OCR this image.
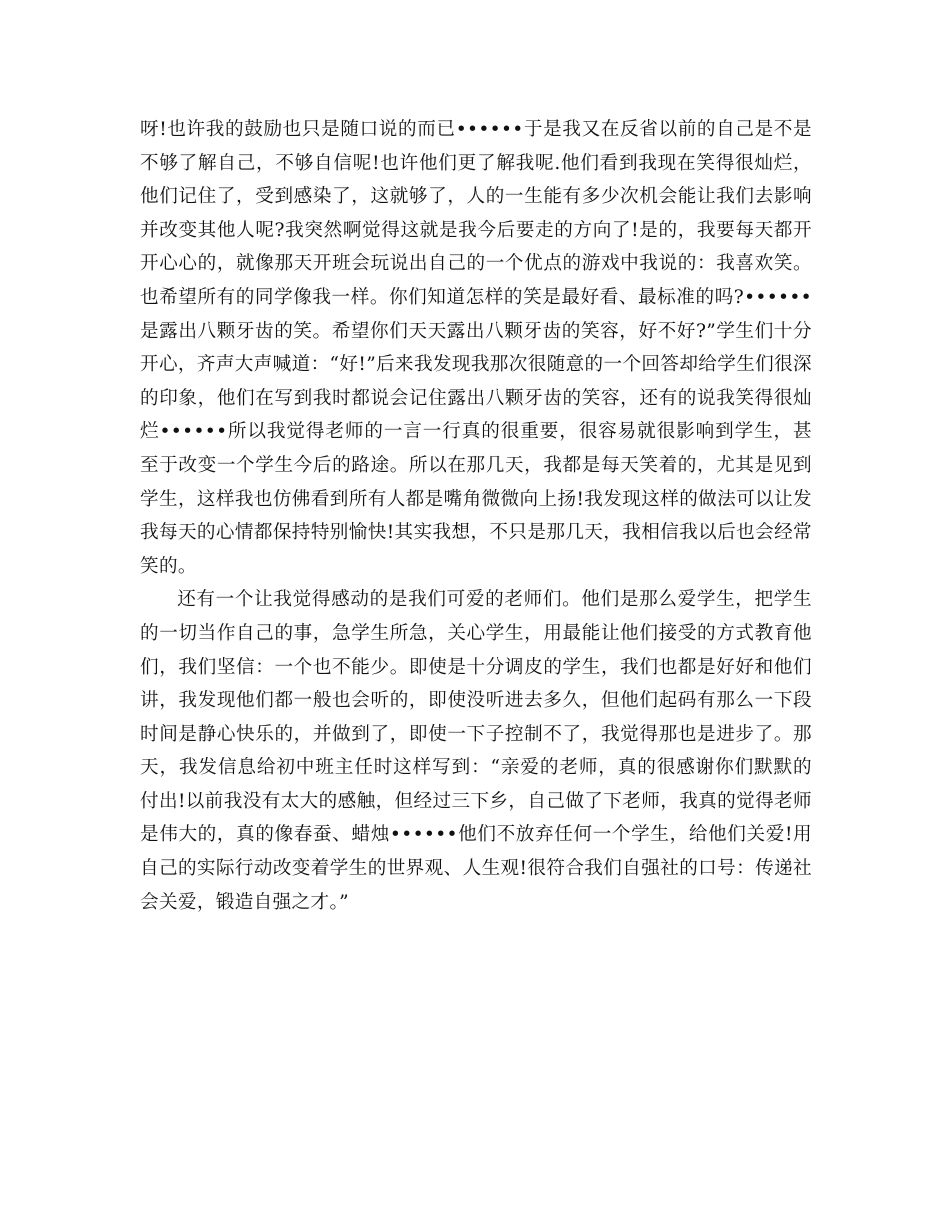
呀!也许我的鼓励也只是随口说的而已••••••于是我又在反省以前的自己是不是不够了解自己，不够自信呢!也许他们更了解我呢.他们看到我现在笑得很灿烂，他们记住了，受到感染了，这就够了，人的一生能有多少次机会能让我们去影响并改变其他人呢?我突然啊觉得这就是我今后要走的方向了!是的，我要每天都开开心心的，就像那天开班会玩说出自己的一个优点的游戏中我说的：我喜欢笑。也希望所有的同学像我一样。你们知道怎样的笑是最好看、最标准的吗?••••••是露出八颗牙齿的笑。希望你们天天露出八颗牙齿的笑容，好不好?”学生们十分开心，齐声大声喊道：“好!”后来我发现我那次很随意的一个回答却给学生们很深的印象，他们在写到我时都说会记住露出八颗牙齿的笑容，还有的说我笑得很灿烂••••••所以我觉得老师的一言一行真的很重要，很容易就很影响到学生，甚至于改变一个学生今后的路途。所以在那几天，我都是每天笑着的，尤其是见到学生，这样我也仿佛看到所有人都是嘴角微微向上扬!我发现这样的做法可以让发我每天的心情都保持特别愉快!其实我想，不只是那几天，我相信我以后也会经常笑的。

还有一个让我觉得感动的是我们可爱的老师们。他们是那么爱学生，把学生的一切当作自己的事，急学生所急，关心学生，用最能让他们接受的方式教育他们，我们坚信：一个也不能少。即使是十分调皮的学生，我们也都是好好和他们讲，我发现他们都一般也会听的，即使没听进去多久，但他们起码有那么一下段时间是静心快乐的，并做到了，即使一下子控制不了，我觉得那也是进步了。那天，我发信息给初中班主任时这样写到：“亲爱的老师，真的很感谢你们默默的付出!以前我没有太大的感触，但经过三下乡，自己做了下老师，我真的觉得老师是伟大的，真的像春蚕、蜡烛••••••他们不放弃任何一个学生，给他们关爱!用自己的实际行动改变着学生的世界观、人生观!很符合我们自强社的口号：传递社会关爱，锻造自强之才。”
